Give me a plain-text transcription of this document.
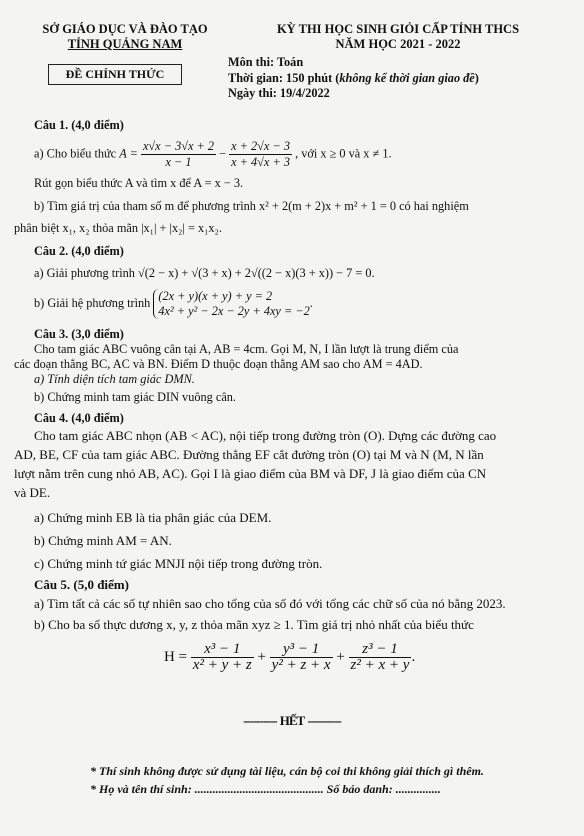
SỞ GIÁO DỤC VÀ ĐÀO TẠO
TỈNH QUẢNG NAM
ĐỀ CHÍNH THỨC
KỲ THI HỌC SINH GIỎI CẤP TỈNH THCS
NĂM HỌC 2021 - 2022
Môn thi: Toán
Thời gian: 150 phút (không kể thời gian giao đề)
Ngày thi: 19/4/2022
Câu 1. (4,0 điểm)
a) Cho biểu thức $A = \frac{x√x - 3√x + 2}{x - 1} - \frac{x + 2√x - 3}{x + 4√x + 3}$ , với x ≥ 0 và x ≠ 1.
Rút gọn biểu thức A và tìm x để A = x − 3.
b) Tìm giá trị của tham số m để phương trình x² + 2(m + 2)x + m² + 1 = 0 có hai nghiệm
phân biệt x₁, x₂ thỏa mãn |x₁| + |x₂| = x₁x₂.
Câu 2. (4,0 điểm)
a) Giải phương trình √(2 − x) + √(3 + x) + 2√((2 − x)(3 + x)) − 7 = 0.
b) Giải hệ phương trình (2x + y)(x + y) + y = 2
4x² + y² − 2x − 2y + 4xy = −2
.
Câu 3. (3,0 điểm)
Cho tam giác ABC vuông cân tại A, AB = 4cm. Gọi M, N, I lần lượt là trung điểm của
các đoạn thẳng BC, AC và BN. Điểm D thuộc đoạn thẳng AM sao cho AM = 4AD.
a) Tính diện tích tam giác DMN.
b) Chứng minh tam giác DIN vuông cân.
Câu 4. (4,0 điểm)
Cho tam giác ABC nhọn (AB < AC), nội tiếp trong đường tròn (O). Dựng các đường cao
AD, BE, CF của tam giác ABC. Đường thẳng EF cắt đường tròn (O) tại M và N (M, N lần
lượt nằm trên cung nhỏ AB, AC). Gọi I là giao điểm của BM và DF, J là giao điểm của CN
và DE.
a) Chứng minh EB là tia phân giác của DEM.
b) Chứng minh AM = AN.
c) Chứng minh tứ giác MNJI nội tiếp trong đường tròn.
Câu 5. (5,0 điểm)
a) Tìm tất cả các số tự nhiên sao cho tổng của số đó với tổng các chữ số của nó bằng 2023.
b) Cho ba số thực dương x, y, z thỏa mãn xyz ≥ 1. Tìm giá trị nhỏ nhất của biểu thức
$H = \frac{\text{x³ − 1}}{\text{x² + y + z}} + \frac{\text{y³ − 1}}{\text{y² + z + x}} + \frac{\text{z³ − 1}}{\text{z² + x + y}}$ .
---------- HẾT ----------
* Thí sinh không được sử dụng tài liệu, cán bộ coi thi không giải thích gì thêm.
* Họ và tên thí sinh: ........................................... Số báo danh: ...............
